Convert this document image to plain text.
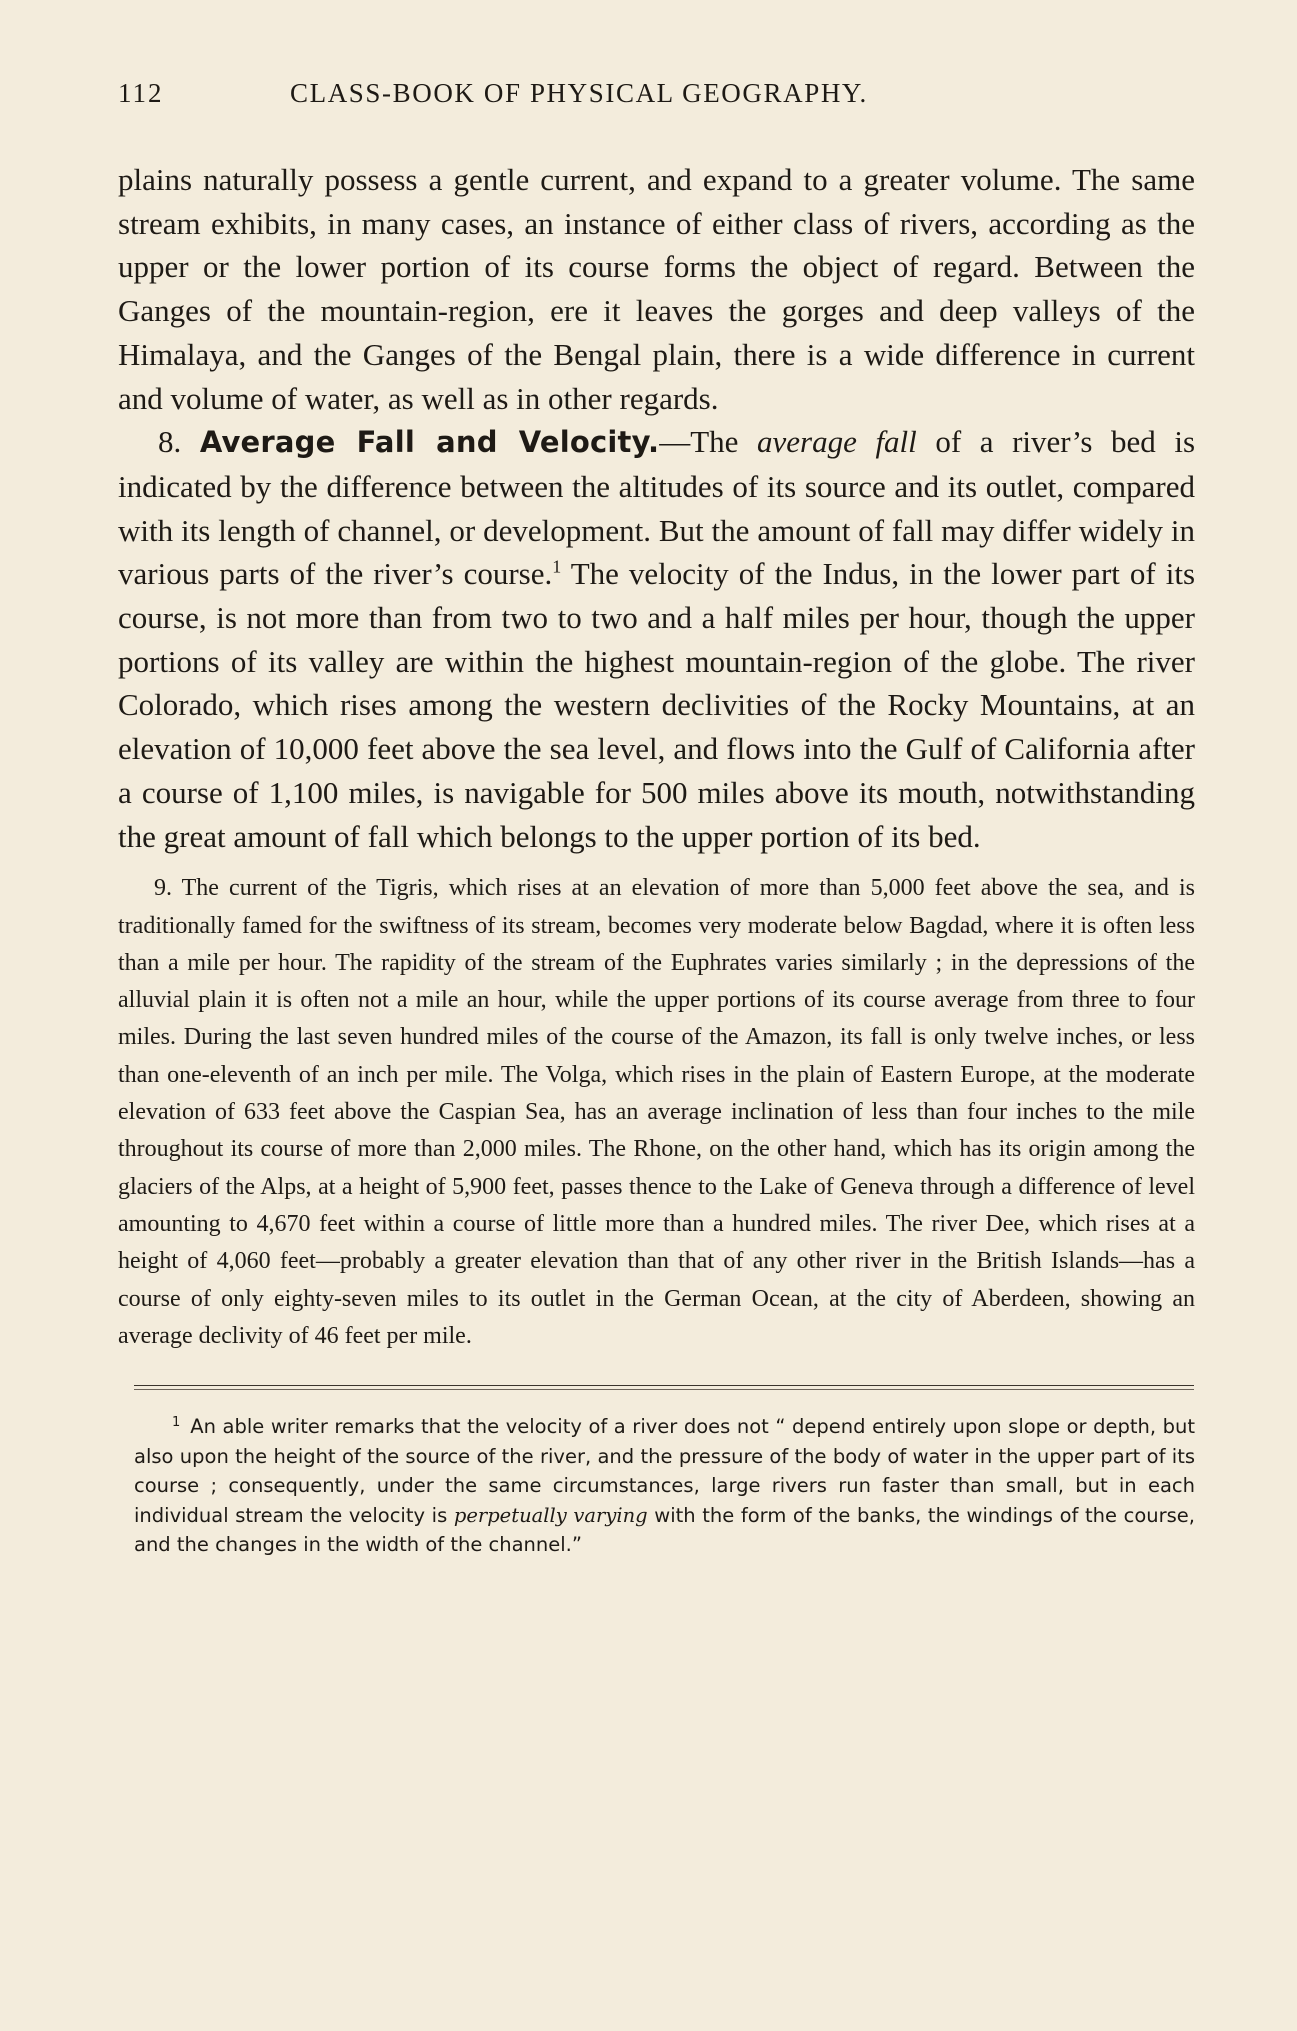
112	CLASS-BOOK OF PHYSICAL GEOGRAPHY.

plains naturally possess a gentle current, and expand to a greater volume. The same stream exhibits, in many cases, an instance of either class of rivers, according as the upper or the lower portion of its course forms the object of regard. Between the Ganges of the mountain-region, ere it leaves the gorges and deep valleys of the Himalaya, and the Ganges of the Bengal plain, there is a wide difference in current and volume of water, as well as in other regards.

8. Average Fall and Velocity.—The average fall of a river’s bed is indicated by the difference between the altitudes of its source and its outlet, compared with its length of channel, or development. But the amount of fall may differ widely in various parts of the river’s course.$^1$ The velocity of the Indus, in the lower part of its course, is not more than from two to two and a half miles per hour, though the upper portions of its valley are within the highest mountain-region of the globe. The river Colorado, which rises among the western declivities of the Rocky Mountains, at an elevation of 10,000 feet above the sea level, and flows into the Gulf of California after a course of 1,100 miles, is navigable for 500 miles above its mouth, notwithstanding the great amount of fall which belongs to the upper portion of its bed.

9. The current of the Tigris, which rises at an elevation of more than 5,000 feet above the sea, and is traditionally famed for the swiftness of its stream, becomes very moderate below Bagdad, where it is often less than a mile per hour. The rapidity of the stream of the Euphrates varies similarly ; in the depressions of the alluvial plain it is often not a mile an hour, while the upper portions of its course average from three to four miles. During the last seven hundred miles of the course of the Amazon, its fall is only twelve inches, or less than one-eleventh of an inch per mile. The Volga, which rises in the plain of Eastern Europe, at the moderate elevation of 633 feet above the Caspian Sea, has an average inclination of less than four inches to the mile throughout its course of more than 2,000 miles. The Rhone, on the other hand, which has its origin among the glaciers of the Alps, at a height of 5,900 feet, passes thence to the Lake of Geneva through a difference of level amounting to 4,670 feet within a course of little more than a hundred miles. The river Dee, which rises at a height of 4,060 feet—probably a greater elevation than that of any other river in the British Islands—has a course of only eighty-seven miles to its outlet in the German Ocean, at the city of Aberdeen, showing an average declivity of 46 feet per mile.

$^1$ An able writer remarks that the velocity of a river does not “ depend entirely upon slope or depth, but also upon the height of the source of the river, and the pressure of the body of water in the upper part of its course ; consequently, under the same circumstances, large rivers run faster than small, but in each individual stream the velocity is perpetually varying with the form of the banks, the windings of the course, and the changes in the width of the channel.”
